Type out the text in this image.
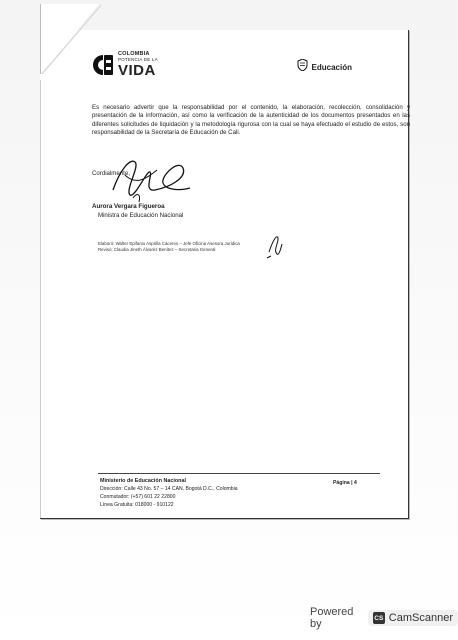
COLOMBIA
POTENCIA DE LA
VIDA	Educación
Es necesario advertir que la responsabilidad por el contenido, la elaboración, recolección, consolidación y presentación de la información, así como la verificación de la autenticidad de los documentos presentados en las diferentes solicitudes de liquidación y la metodología rigurosa con la cual se haya efectuado el estudio de estos, son responsabilidad de la Secretaría de Educación de Cali.
Cordialmente,
Aurora Vergara Figueroa
Ministra de Educación Nacional
Elaboró: Walter Epifanio Asprilla Cáceres – Jefe Oficina Asesora Jurídica
Revisó: Claudia Jineth Álvarez Benítez – Secretaria General
Ministerio de Educación Nacional
Dirección: Calle 43 No. 57 – 14 CAN, Bogotá D.C., Colombia
Conmutador: (+57) 601 22 22800
Línea Gratuita: 018000 - 910122
Página | 4
Powered by	CS CamScanner
